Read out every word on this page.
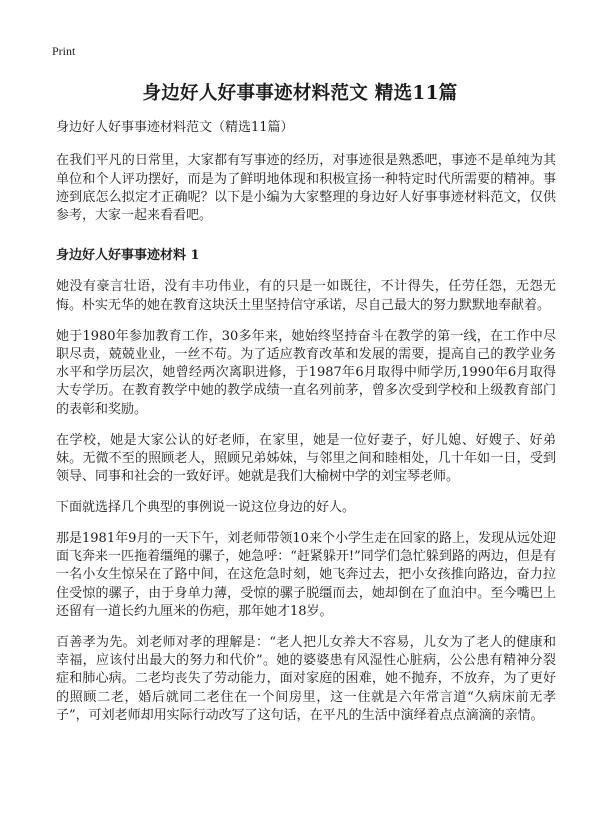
Print
身边好人好事事迹材料范文 精选11篇

身边好人好事事迹材料范文（精选11篇）

在我们平凡的日常里，大家都有写事迹的经历，对事迹很是熟悉吧，事迹不是单纯为其单位和个人评功摆好，而是为了鲜明地体现和积极宣扬一种特定时代所需要的精神。事迹到底怎么拟定才正确呢？以下是小编为大家整理的身边好人好事事迹材料范文，仅供参考，大家一起来看看吧。

身边好人好事事迹材料 1

她没有豪言壮语，没有丰功伟业，有的只是一如既往，不计得失，任劳任怨，无怨无悔。朴实无华的她在教育这块沃土里坚持信守承诺，尽自己最大的努力默默地奉献着。

她于1980年参加教育工作，30多年来，她始终坚持奋斗在教学的第一线，在工作中尽职尽责，兢兢业业，一丝不苟。为了适应教育改革和发展的需要，提高自己的教学业务水平和学历层次，她曾经两次离职进修，于1987年6月取得中师学历,1990年6月取得大专学历。在教育教学中她的教学成绩一直名列前茅，曾多次受到学校和上级教育部门的表彰和奖励。

在学校，她是大家公认的好老师，在家里，她是一位好妻子，好儿媳、好嫂子、好弟妹。无微不至的照顾老人，照顾兄弟姊妹，与邻里之间和睦相处，几十年如一日，受到领导、同事和社会的一致好评。她就是我们大榆树中学的刘宝琴老师。

下面就选择几个典型的事例说一说这位身边的好人。

那是1981年9月的一天下午，刘老师带领10来个小学生走在回家的路上，发现从远处迎面飞奔来一匹拖着缰绳的骡子，她急呼：“赶紧躲开!”同学们急忙躲到路的两边，但是有一名小女生惊呆在了路中间，在这危急时刻，她飞奔过去，把小女孩推向路边，奋力拉住受惊的骡子，由于身单力薄，受惊的骡子脱缰而去，她却倒在了血泊中。至今嘴巴上还留有一道长约九厘米的伤疤，那年她才18岁。

百善孝为先。刘老师对孝的理解是：“老人把儿女养大不容易，儿女为了老人的健康和幸福，应该付出最大的努力和代价”。她的婆婆患有风湿性心脏病，公公患有精神分裂症和肺心病。二老均丧失了劳动能力，面对家庭的困难，她不抛弃，不放弃，为了更好的照顾二老，婚后就同二老住在一个间房里，这一住就是六年常言道“久病床前无孝子”，可刘老师却用实际行动改写了这句话，在平凡的生活中演绎着点点滴滴的亲情。
